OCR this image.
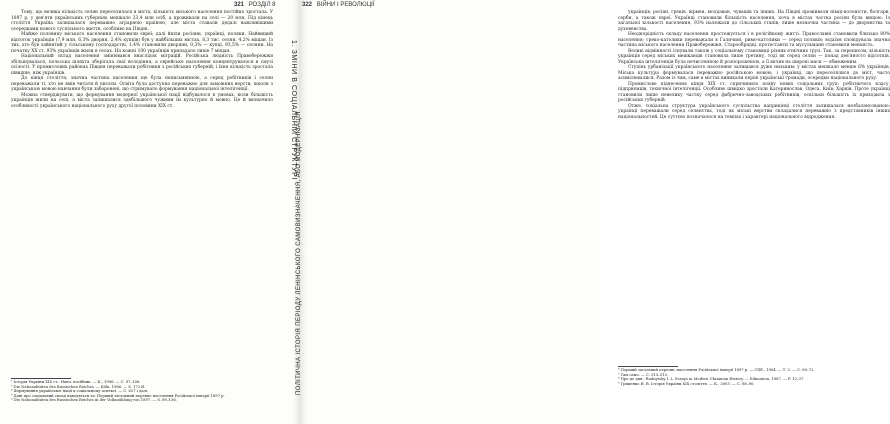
321 РОЗДІЛ 8

Тому, що велика кількість селян переселилася в міста, кількість міського населення постійно зростала. У 1897 р. у дев'яти українських губерніях мешкало 23,4 млн осіб, а проживали на селі — 20 млн. Під кінець століття Україна залишалася переважно аграрною країною, але міста ставали дедалі важливішими осередками нового суспільного життя, особливо на Півдні.

Майже половину міського населення становили євреї; далі йшли росіяни, українці, поляки. Найвищий відсоток українців (7,9 млн, 6,3% дворян, 2,4% купців) був у найбільших містах, 8,3 тис. селян, 4,2% міщан. Із тих, хто був зайнятий у сільському господарстві, 1,4% становили дворяни, 0,3% — купці, 93,5% — селяни. На початку XX ст. 93% українців жили в селах. На кожні 100 українців припадало лише 7 міщан.

Національний склад населення змінювався внаслідок міграцій. Російська людність Правобережжя збільшувалася, польська шляхта зберігала свої володіння, а єврейське населення концентрувалося в смузі осілості. У промислових районах Півдня переважали робітники з російських губерній, і їхня кількість зростала швидше, ніж українців.

До кінця століття, значна частина населення ще була неписьменною, а серед робітників і селян переважали ті, хто не вмів читати й писати. Освіта була доступна переважно для заможних верств; школи з українською мовою навчання були заборонені, що стримувало формування національної інтелігенції.

Можна стверджувати, що формування модерної української нації відбувалося в умовах, коли більшість українців жили на селі, а міста залишалися здебільшого чужими їм культурно й мовно. Це й визначило особливості українського національного руху другої половини XIX ст.

¹ Історія України XIX ст.: Навч. посібник. — К., 1996. — С. 97–106.
² Die Nationalitäten des Russischen Reiches. — Köln, 1986. — S. 172 ff.
³ Формування української нації в соціальному аспекті. — С. 627 і далі.
⁴ Дані про соціальний склад наводяться за: Перший загальний перепис населення Російської імперії 1897 р.
⁵ Die Nationalitäten des Russischen Reiches in der Volkszählung von 1897. — S. 89–136.

українців, росіян, греків, вірмен, молдаван, чувашів та інших. На Півдні проживали німці-колоністи, болгари, серби, а також євреї. Українці становили більшість населення, хоча в містах частка росіян була вищою. Із загальної кількості населення, 93% належали до сільських станів, лише незначна частина — до дворянства та духовенства.

Неоднорідність складу населення простежується і в релігійному житті. Православні становили близько 80% населення; греко-католики переважали в Галичині; римо-католики — серед поляків; юдаїзм сповідувала значна частина міського населення Правобережжя. Старообрядці, протестанти та мусульмани становили меншість.

Великі відмінності існували також у соціальному становищі різних етнічних груп. Так, за переписом, кількість українців серед міських мешканців становила лише третину, тоді як серед селян — понад дев'яносто відсотків. Українська інтелігенція була нечисленною й розпорошеною, а її вплив на широкі маси — обмеженим.

Ступінь урбанізації українського населення залишався дуже низьким: у містах мешкало менше 6% українців. Міська культура формувалася переважно російською мовою, і українці, що переселялися до міст, часто асимілювалися. Разом із тим, саме в містах виникали перші українські громади, осередки національного руху.

Промислове піднесення кінця XIX ст. спричинило появу нових соціальних груп: робітничого класу, підприємців, технічної інтелігенції. Особливо швидко зростали Катеринослав, Одеса, Київ, Харків. Проте українці становили лише невелику частку серед фабрично-заводських робітників, оскільки більшість їх приходила з російських губерній.

Отже, соціальна структура українського суспільства наприкінці століття залишалася незбалансованою: українці переважали серед селянства, тоді як міські верстви складалися переважно з представників інших національностей. Це суттєво позначалося на темпах і характері національного відродження.

⁶ Перший загальний перепис населення Російської імперії 1897 р. — СПб., 1904. — Т. 2. — С. 69–72.
⁷ Там само. — С. 513–515.
⁸ Про це див.: Rudnytsky I. L. Essays in Modern Ukrainian History. — Edmonton, 1987. — P. 12–37.
⁹ Гриценко Я. В. Історія України XIX століття. — К., 2003. — С. 88–90.
322 ВІЙНИ І РЕВОЛЮЦІЇ
1. ЗМІНИ В СОЦІАЛЬНІЙ СТРУКТУРІ
ПОЛІТИЧНА ІСТОРІЯ ПЕРІОДУ ЛЕНІНСЬКОГО САМОВИЗНАЧЕННЯ, АБО МОДЕРНІЗАЦІЯ
